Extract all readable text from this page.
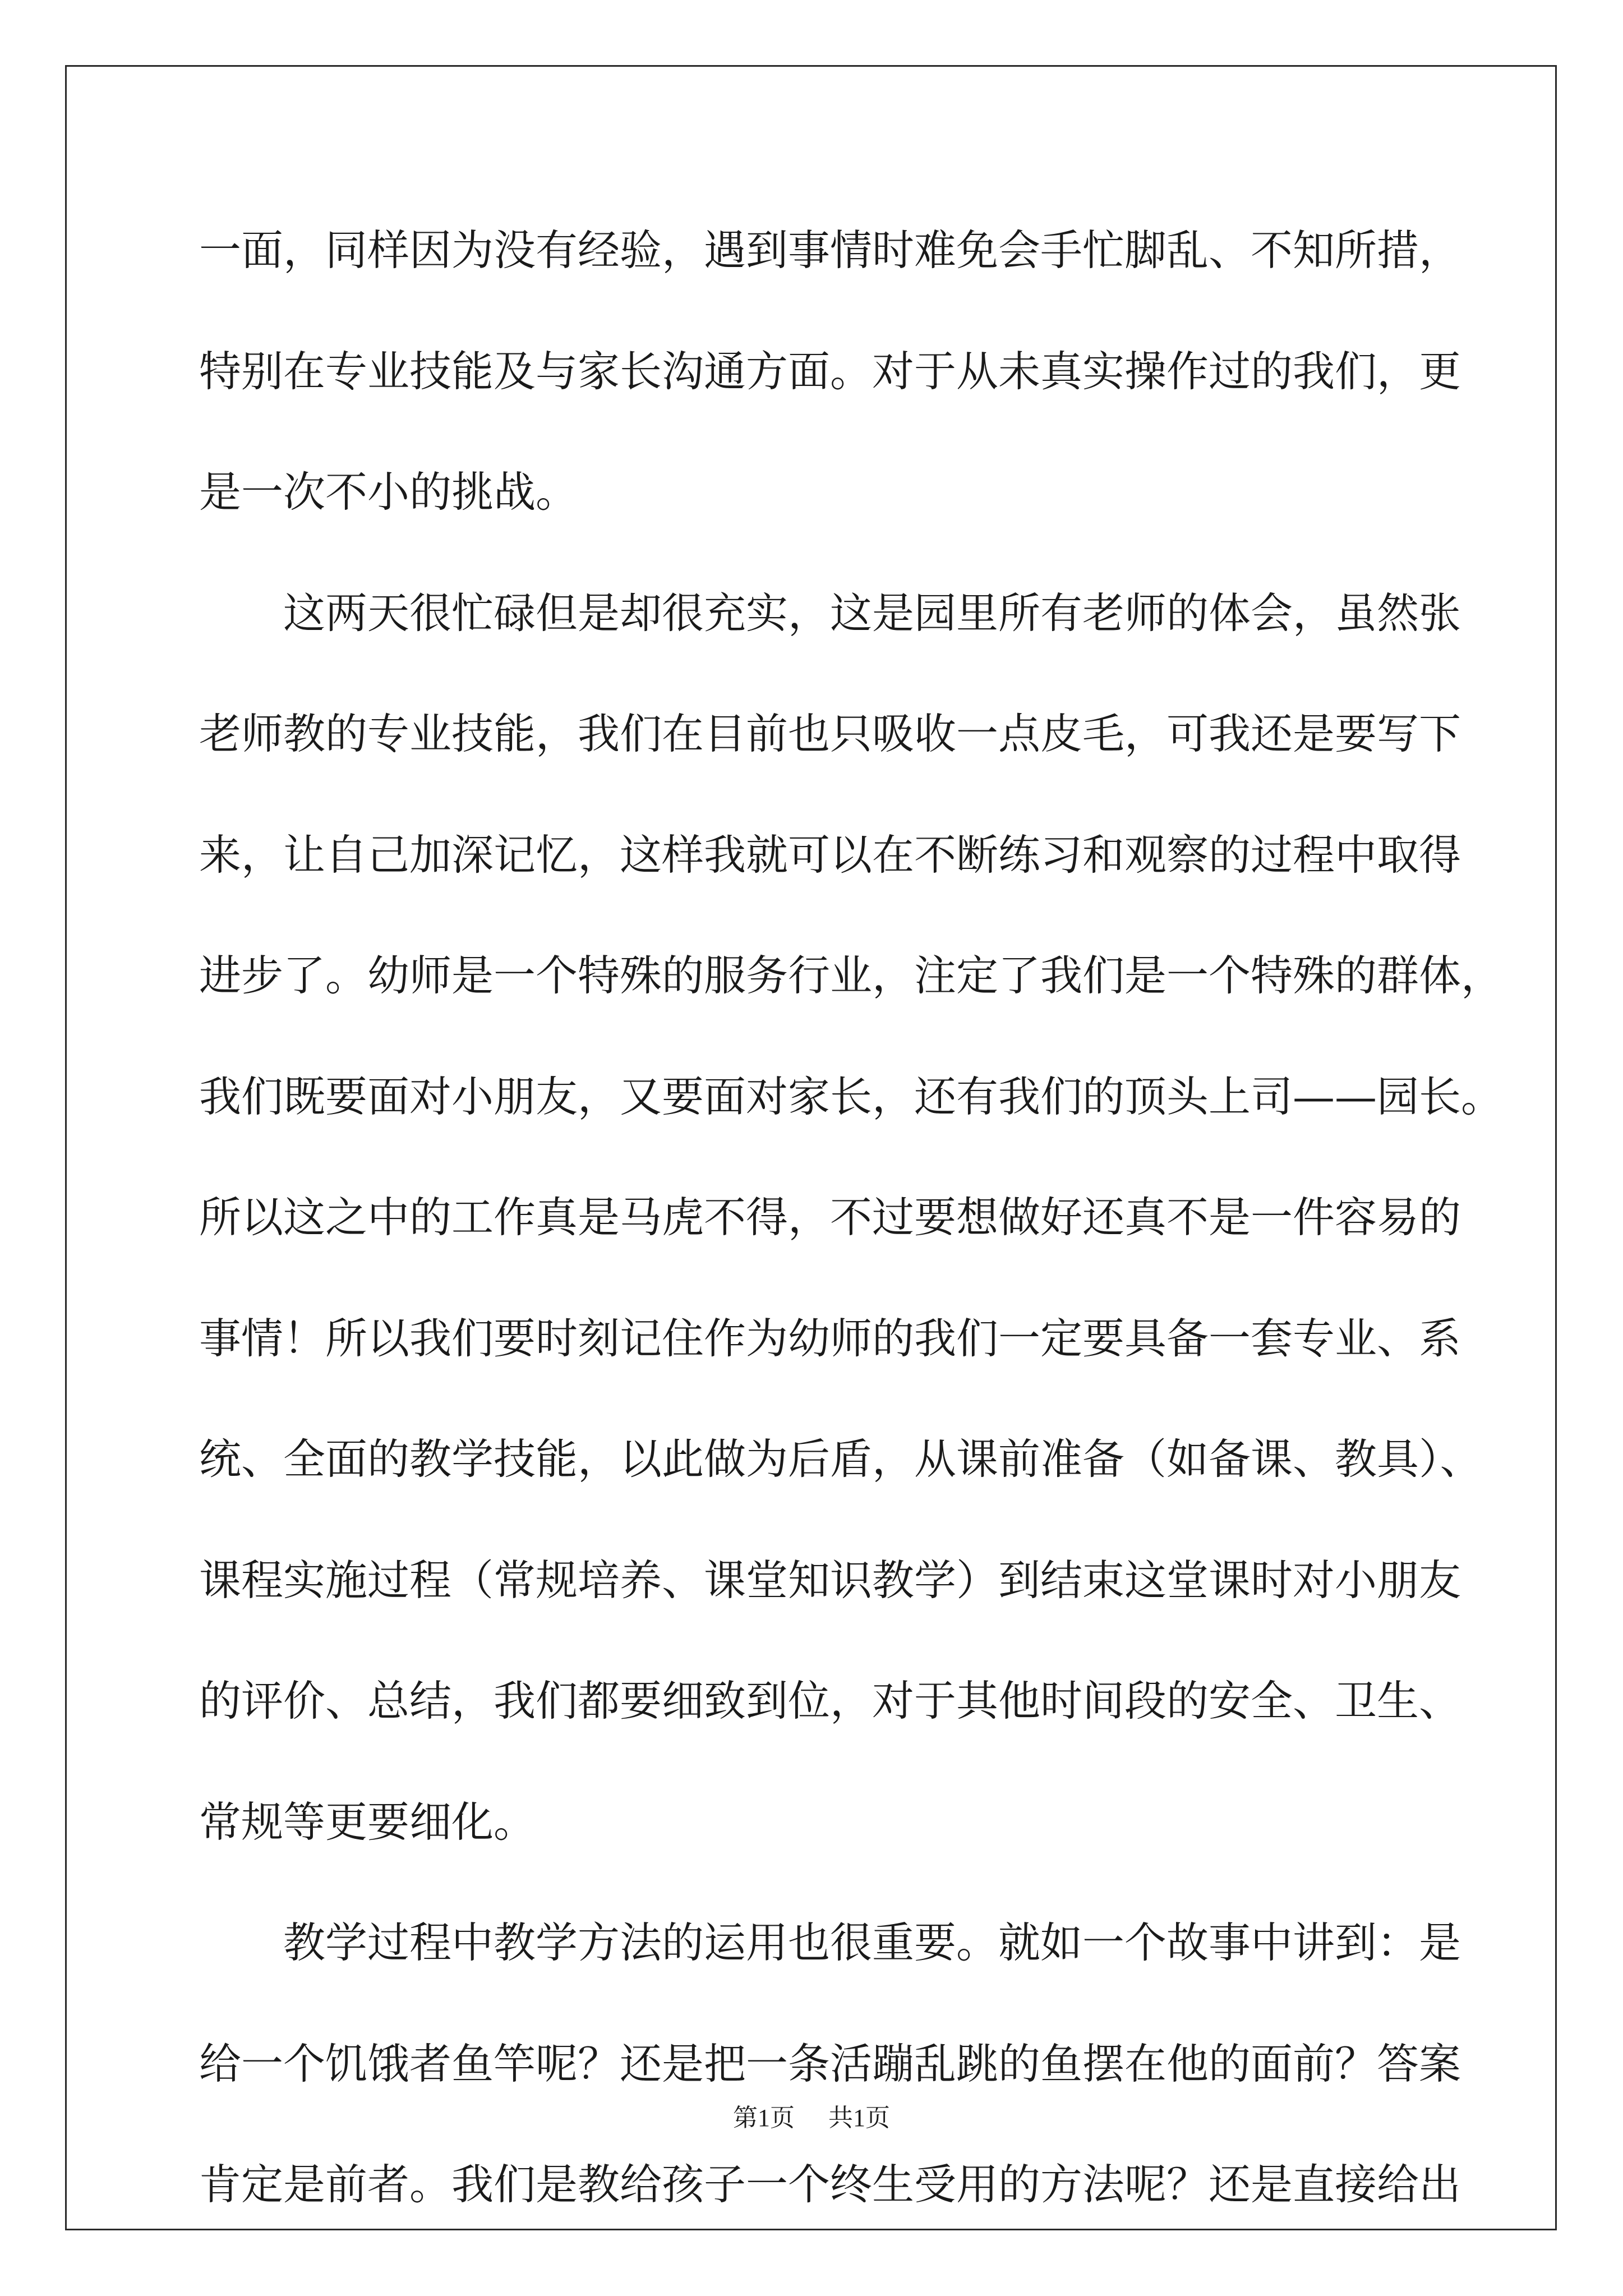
一面，同样因为没有经验，遇到事情时难免会手忙脚乱、不知所措，
特别在专业技能及与家长沟通方面。对于从未真实操作过的我们，更
是一次不小的挑战。
这两天很忙碌但是却很充实，这是园里所有老师的体会，虽然张
老师教的专业技能，我们在目前也只吸收一点皮毛，可我还是要写下
来，让自己加深记忆，这样我就可以在不断练习和观察的过程中取得
进步了。幼师是一个特殊的服务行业，注定了我们是一个特殊的群体，
我们既要面对小朋友，又要面对家长，还有我们的顶头上司——园长。
所以这之中的工作真是马虎不得，不过要想做好还真不是一件容易的
事情！所以我们要时刻记住作为幼师的我们一定要具备一套专业、系
统、全面的教学技能，以此做为后盾，从课前准备（如备课、教具）、
课程实施过程（常规培养、课堂知识教学）到结束这堂课时对小朋友
的评价、总结，我们都要细致到位，对于其他时间段的安全、卫生、
常规等更要细化。
教学过程中教学方法的运用也很重要。就如一个故事中讲到：是
给一个饥饿者鱼竿呢？还是把一条活蹦乱跳的鱼摆在他的面前？答案
肯定是前者。我们是教给孩子一个终生受用的方法呢？还是直接给出
第1页 共1页
